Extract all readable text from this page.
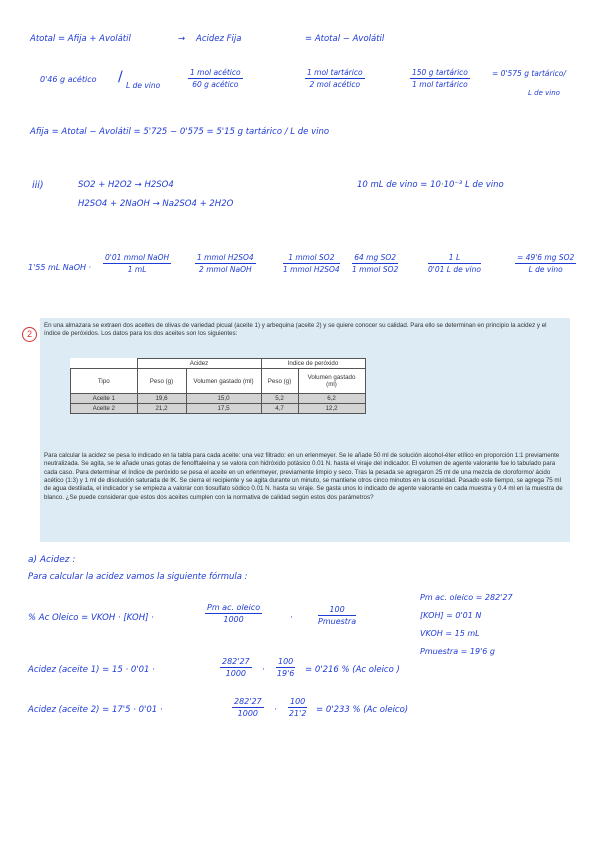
Atotal = Afija + Avolátil	→ Acidez Fija	= Atotal − Avolátil
0'46 g acético /
L de vino
1 mol acético
60 g acético
1 mol tartárico
2 mol acético
150 g tartárico
1 mol tartárico
= 0'575 g tartárico/
L de vino
Afija = Atotal − Avolátil = 5'725 − 0'575 = 5'15 g tartárico / L de vino
iii)	SO2 + H2O2 → H2SO4
H2SO4 + 2NaOH → Na2SO4 + 2H2O
10 mL de vino = 10·10⁻³ L de vino
1'55 mL NaOH ·
0'01 mmol NaOH
1 mL
1 mmol H2SO4
2 mmol NaOH
1 mmol SO2
1 mmol H2SO4
64 mg SO2
1 mmol SO2
1 L
0'01 L de vino
= 49'6 mg SO2
L de vino
2
En una almazara se extraen dos aceites de olivas de variedad picual (aceite 1) y arbequina (aceite 2) y se quiere conocer su calidad. Para ello se determinan en principio la acidez y el índice de peróxidos. Los datos para los dos aceites son los siguientes:
Para calcular la acidez se pesa lo indicado en la tabla para cada aceite: una vez filtrado: en un erlenmeyer. Se le añade 50 ml de solución alcohol-éter etílico en proporción 1:1 previamente neutralizada. Se agita, se le añade unas gotas de fenolftaleína y se valora con hidróxido potásico 0.01 N. hasta el viraje del indicador. El volumen de agente valorante fue lo tabulado para cada caso. Para determinar el índice de peróxido se pesa el aceite en un erlenmeyer, previamente limpio y seco. Tras la pesada se agregaron 25 ml de una mezcla de cloroformo/ ácido acético (1:3) y 1 ml de disolución saturada de IK. Se cierra el recipiente y se agita durante un minuto, se mantiene otros cinco minutos en la oscuridad. Pasado este tiempo, se agrega 75 ml de agua destilada, el indicador y se empieza a valorar con tiosulfato sódico 0.01 N. hasta su viraje. Se gasta unos lo indicado de agente valorante en cada muestra y 0.4 ml en la muestra de blanco. ¿Se puede considerar que estos dos aceites cumplen con la normativa de calidad según estos dos parámetros?
	Acidez		Indice de peróxido	
Tipo	Peso (g)	Volumen gastado (ml)	Peso (g)	Volumen gastado (ml)
Aceite 1	19,6	15,0	5,2	6,2
Aceite 2	21,2	17,5	4,7	12,2
a) Acidez :
Para calcular la acidez vamos la siguiente fórmula :
Pm ac. oleico = 282'27
[KOH] = 0'01 N
VKOH = 15 mL
Pmuestra = 19'6 g
% Ac Oleico = VKOH · [KOH] ·
Pm ac. oleico
1000	·
100
Pmuestra
Acidez (aceite 1) = 15 · 0'01 ·	$\frac{282'27}{1000} \cdot \frac{100}{19'6} = 0'216$ % (Ac oleico )
Acidez (aceite 2) = 17'5 · 0'01 ·	$\frac{282'27}{1000} \cdot \frac{100}{21'2} = 0'233$ % (Ac oleico)
